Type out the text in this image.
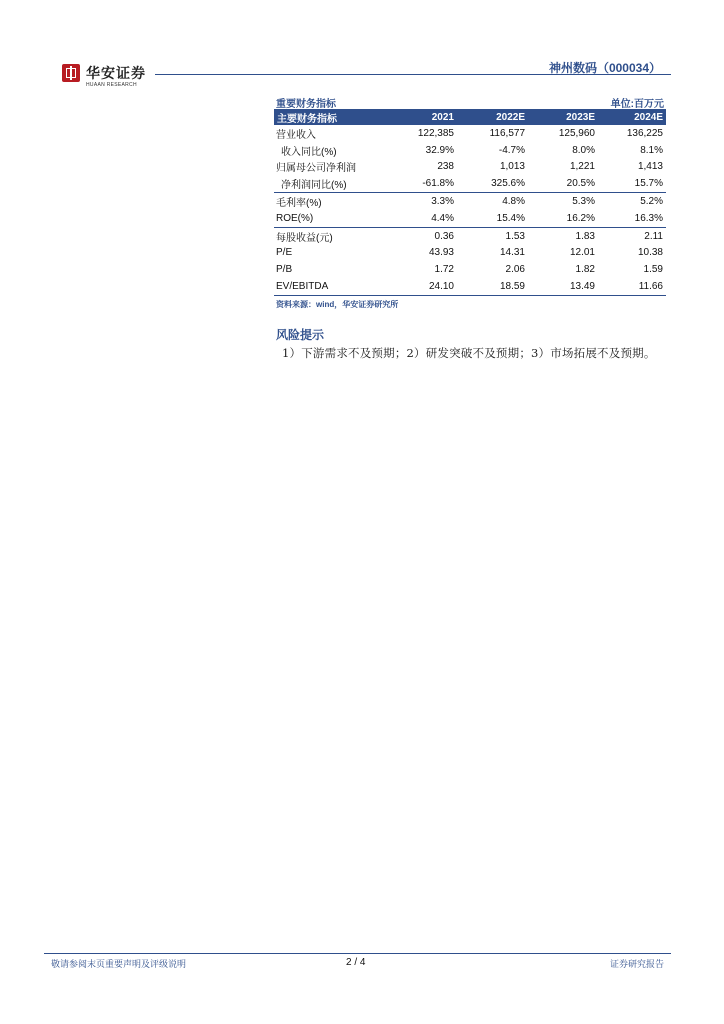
华安证券
HUAAN RESEARCH
神州数码（000034）
重要财务指标	单位:百万元
主要财务指标	2021	2022E	2023E	2024E
营业收入	122,385	116,577	125,960	136,225
收入同比(%)	32.9%	-4.7%	8.0%	8.1%
归属母公司净利润	238	1,013	1,221	1,413
净利润同比(%)	-61.8%	325.6%	20.5%	15.7%
毛利率(%)	3.3%	4.8%	5.3%	5.2%
ROE(%)	4.4%	15.4%	16.2%	16.3%
每股收益(元)	0.36	1.53	1.83	2.11
P/E	43.93	14.31	12.01	10.38
P/B	1.72	2.06	1.82	1.59
EV/EBITDA	24.10	18.59	13.49	11.66
资料来源：wind，华安证券研究所
风险提示
1）下游需求不及预期；2）研发突破不及预期；3）市场拓展不及预期。
敬请参阅末页重要声明及评级说明	2 / 4	证券研究报告
